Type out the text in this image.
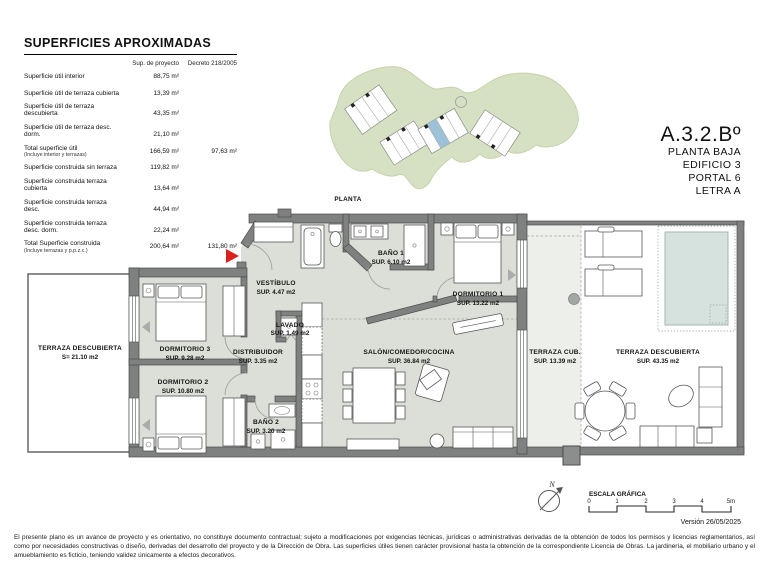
TERRAZA DESCUBIERTA
S= 21.10 m2
DORMITORIO 3
SUP. 9.28 m2
DORMITORIO 2
SUP. 10.80 m2
VESTÍBULO
SUP. 4.47 m2
LAVADO
SUP. 1.49 m2
DISTRIBUIDOR
SUP. 3.35 m2
BAÑO 2
SUP. 3.20 m2
BAÑO 1
SUP. 6.10 m2
SALÓN/COMEDOR/COCINA
SUP. 36.84 m2
DORMITORIO 1
SUP. 13.22 m2
TERRAZA CUB.
SUP. 13.39 m2
TERRAZA DESCUBIERTA
SUP. 43.35 m2
N
ESCALA GRÁFICA
0	1	2	3	4	5m
SUPERFICIES APROXIMADAS
Sup. de proyecto	Decreto 218/2005
Superficie útil interior	88,75 m²
Superficie útil de terraza cubierta	13,39 m²
Superficie útil de terraza descubierta	43,35 m²
Superficie útil de terraza desc. dorm.	21,10 m²
Total superficie útil
(Incluye interior y terrazas)
166,59 m²	97,63 m²
Superficie construida sin terraza	119,82 m²
Superficie construida terraza cubierta	13,64 m²
Superficie construida terraza desc.	44,94 m²
Superficie construida terraza desc. dorm.	22,24 m²
Total Superficie construida
(Incluye terrazas y p.p.z.c.)
200,64 m²	131,80 m²
A.3.2.Bº
PLANTA BAJA
EDIFICIO 3
PORTAL 6
LETRA A
PLANTA
Versión 26/05/2025
El presente plano es un avance de proyecto y es orientativo, no constituye documento contractual; sujeto a modificaciones por exigencias técnicas, jurídicas o administrativas derivadas de la obtención de todos los permisos y licencias reglamentarios, así como por necesidades constructivas o diseño, derivadas del desarrollo del proyecto y de la Dirección de Obra. Las superficies útiles tienen carácter provisional hasta la obtención de la correspondiente Licencia de Obras. La jardinería, el mobiliario urbano y el amueblamiento es ficticio, teniendo validez únicamente a efectos decorativos.
